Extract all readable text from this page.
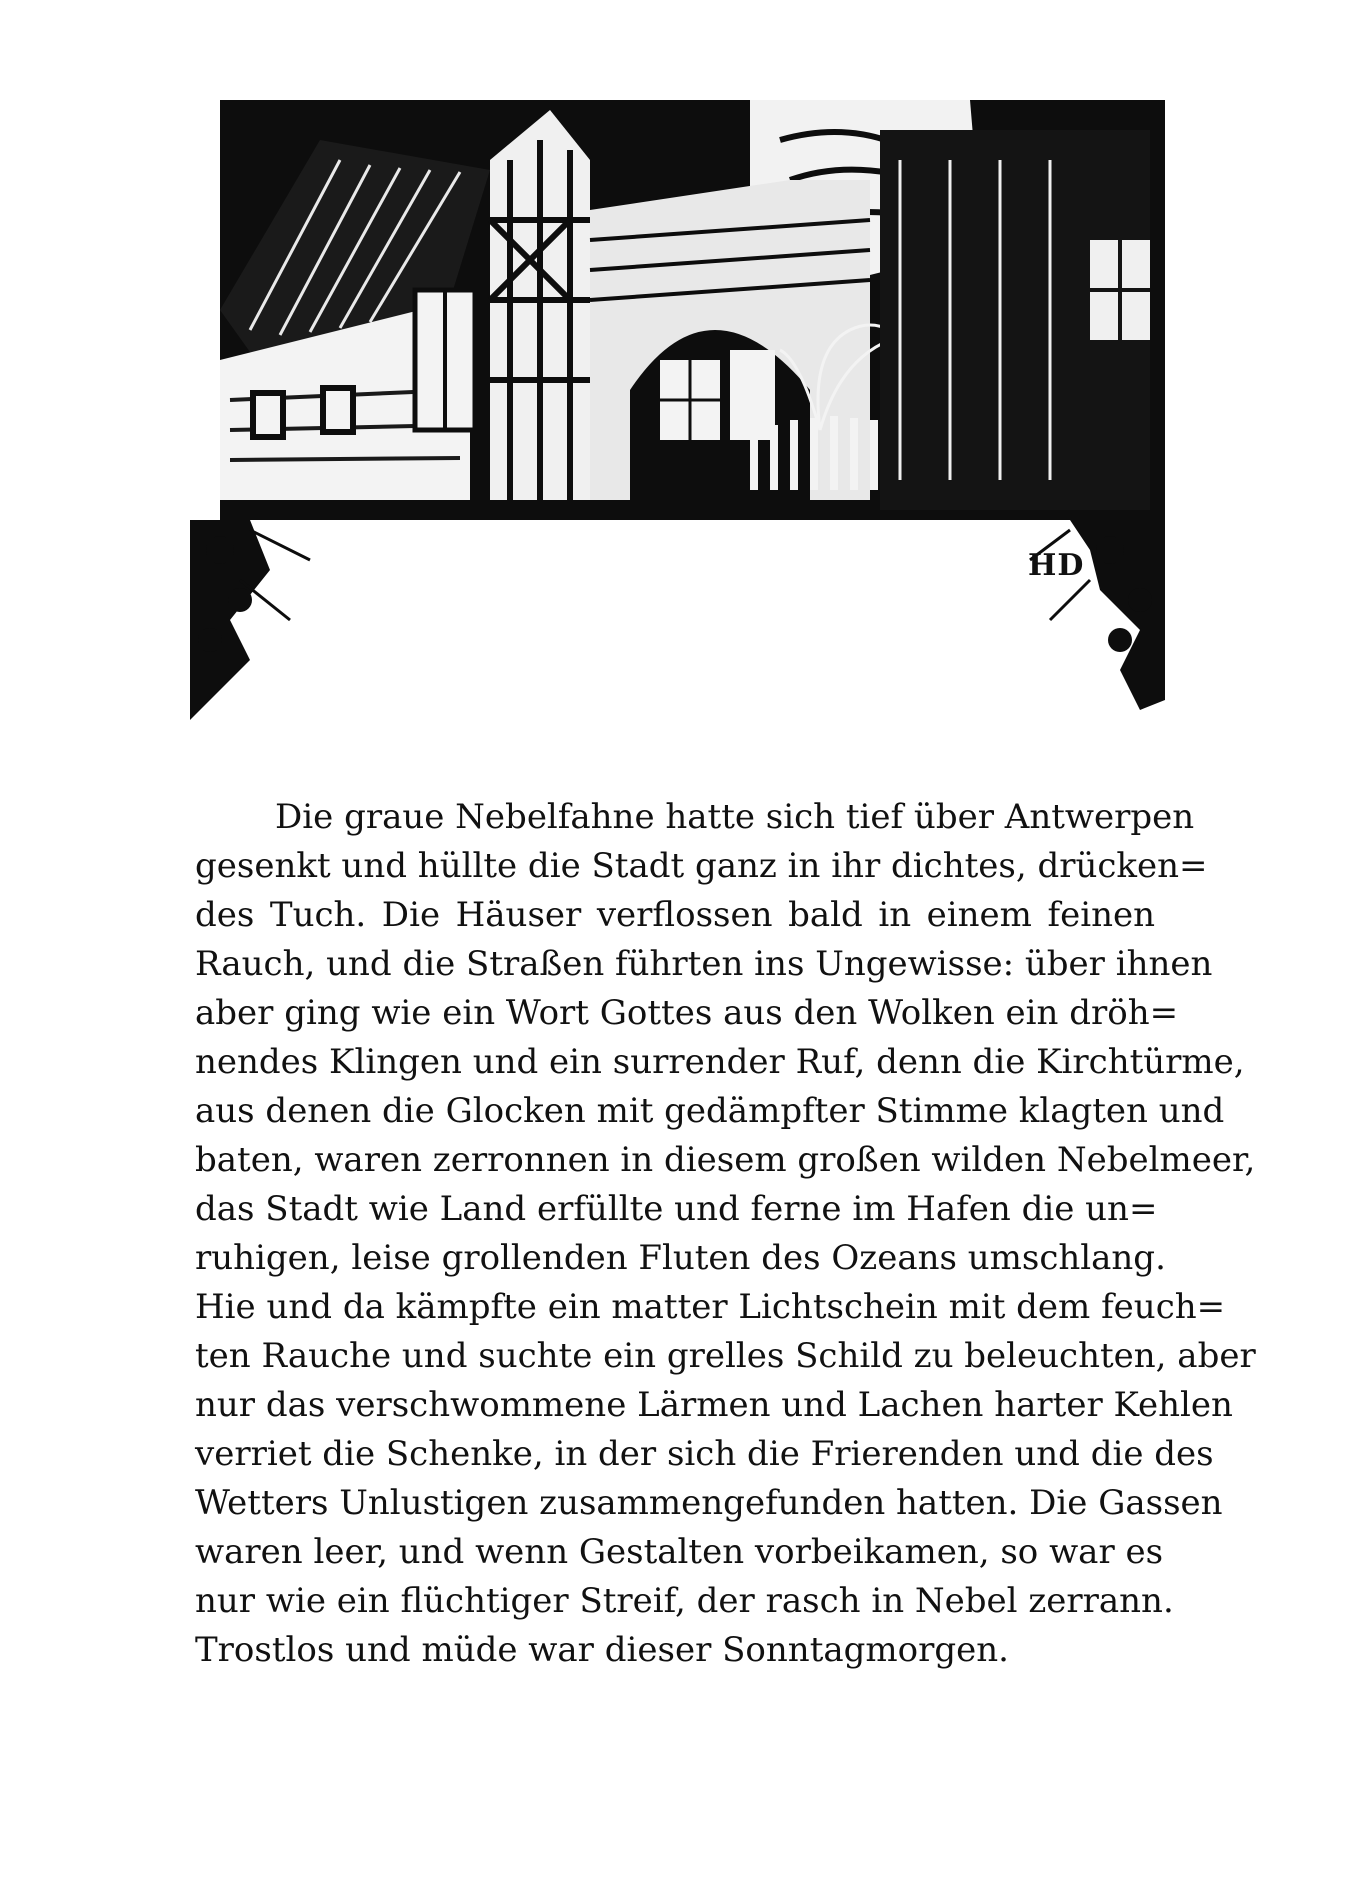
HD
Die graue Nebelfahne hatte sich tief über Antwerpen
gesenkt und hüllte die Stadt ganz in ihr dichtes, drücken=
des Tuch. Die Häuser verflossen bald in einem feinen
Rauch, und die Straßen führten ins Ungewisse: über ihnen
aber ging wie ein Wort Gottes aus den Wolken ein dröh=
nendes Klingen und ein surrender Ruf, denn die Kirchtürme,
aus denen die Glocken mit gedämpfter Stimme klagten und
baten, waren zerronnen in diesem großen wilden Nebelmeer,
das Stadt wie Land erfüllte und ferne im Hafen die un=
ruhigen, leise grollenden Fluten des Ozeans umschlang.
Hie und da kämpfte ein matter Lichtschein mit dem feuch=
ten Rauche und suchte ein grelles Schild zu beleuchten, aber
nur das verschwommene Lärmen und Lachen harter Kehlen
verriet die Schenke, in der sich die Frierenden und die des
Wetters Unlustigen zusammengefunden hatten. Die Gassen
waren leer, und wenn Gestalten vorbeikamen, so war es
nur wie ein flüchtiger Streif, der rasch in Nebel zerrann.
Trostlos und müde war dieser Sonntagmorgen.
